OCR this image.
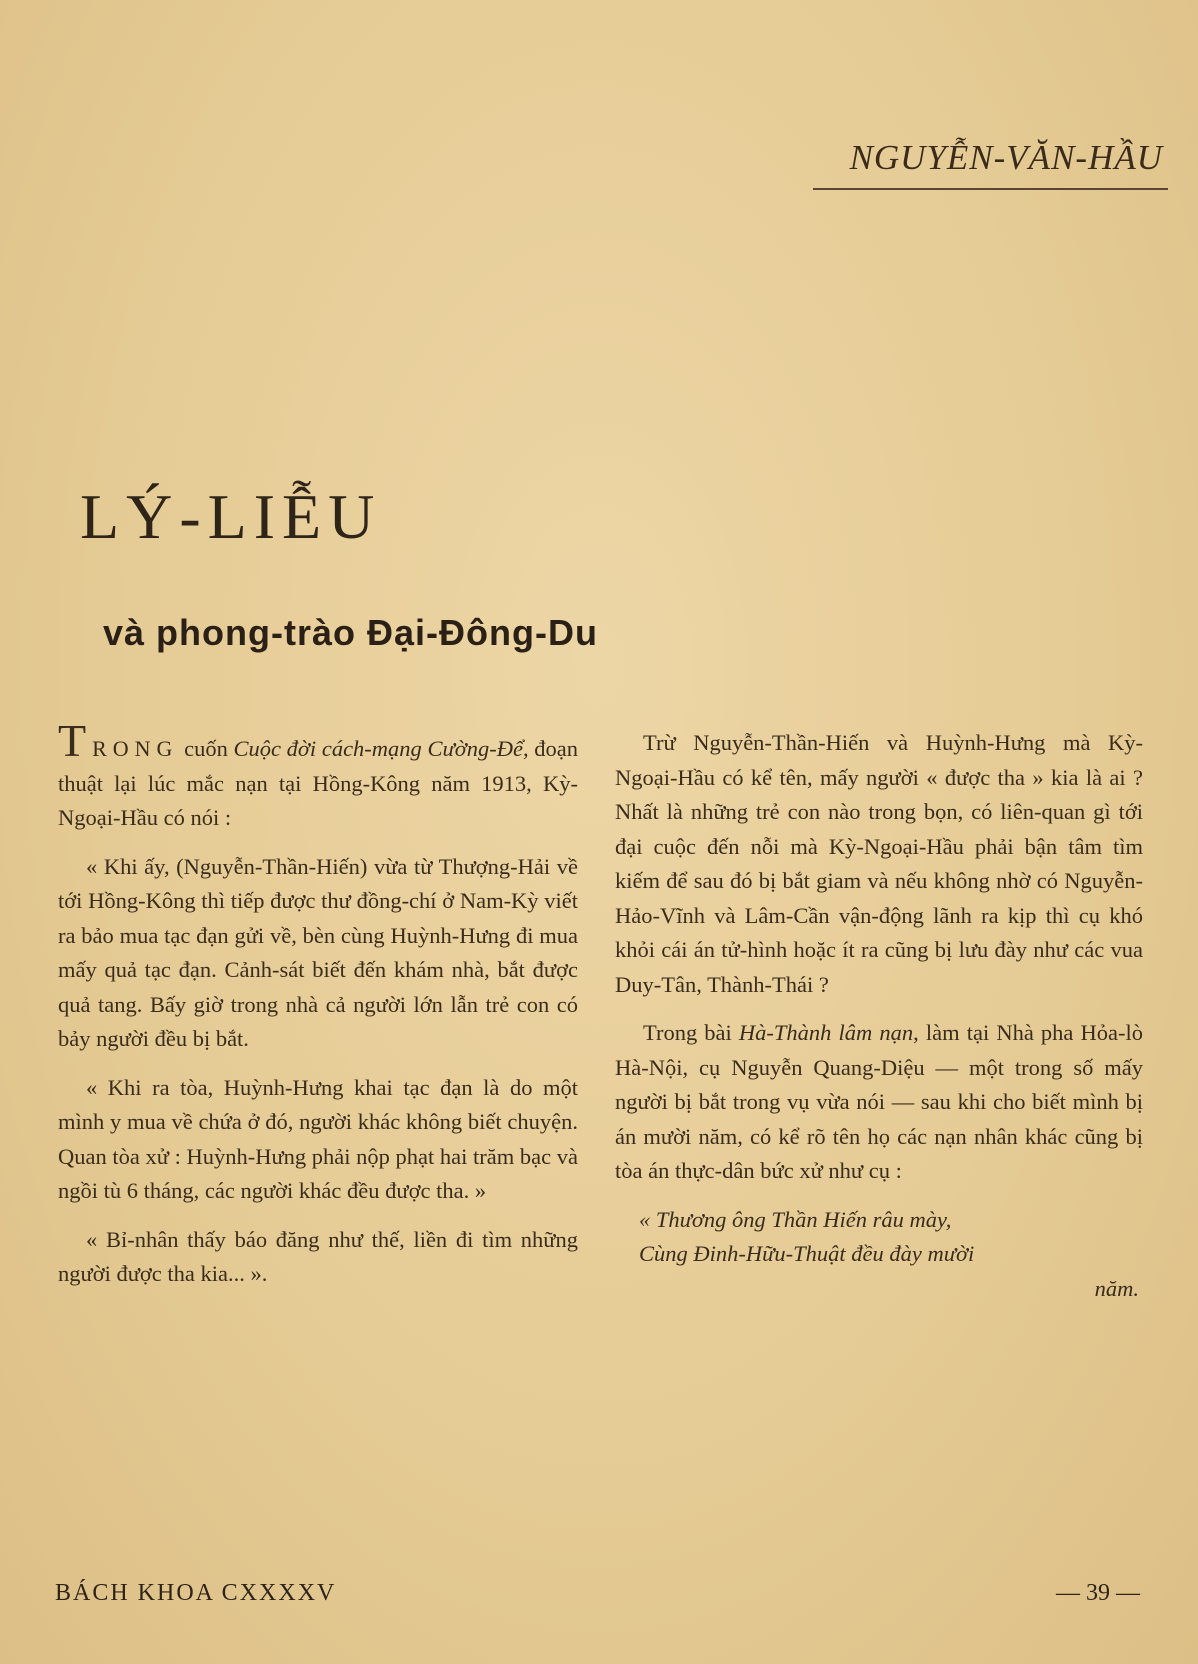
NGUYỄN-VĂN-HẦU
LÝ-LIỄU
và phong-trào Đại-Đông-Du

TRONG cuốn Cuộc đời cách-mạng Cường-Để, đoạn thuật lại lúc mắc nạn tại Hồng-Kông năm 1913, Kỳ-Ngoại-Hầu có nói :

« Khi ấy, (Nguyễn-Thần-Hiến) vừa từ Thượng-Hải về tới Hồng-Kông thì tiếp được thư đồng-chí ở Nam-Kỳ viết ra bảo mua tạc đạn gửi về, bèn cùng Huỳnh-Hưng đi mua mấy quả tạc đạn. Cảnh-sát biết đến khám nhà, bắt được quả tang. Bấy giờ trong nhà cả người lớn lẫn trẻ con có bảy người đều bị bắt.

« Khi ra tòa, Huỳnh-Hưng khai tạc đạn là do một mình y mua về chứa ở đó, người khác không biết chuyện. Quan tòa xử : Huỳnh-Hưng phải nộp phạt hai trăm bạc và ngồi tù 6 tháng, các người khác đều được tha. »

« Bỉ-nhân thấy báo đăng như thế, liền đi tìm những người được tha kia... ».

Trừ Nguyễn-Thần-Hiến và Huỳnh-Hưng mà Kỳ-Ngoại-Hầu có kể tên, mấy người « được tha » kia là ai ? Nhất là những trẻ con nào trong bọn, có liên-quan gì tới đại cuộc đến nỗi mà Kỳ-Ngoại-Hầu phải bận tâm tìm kiếm để sau đó bị bắt giam và nếu không nhờ có Nguyễn-Hảo-Vĩnh và Lâm-Cần vận-động lãnh ra kịp thì cụ khó khỏi cái án tử-hình hoặc ít ra cũng bị lưu đày như các vua Duy-Tân, Thành-Thái ?

Trong bài Hà-Thành lâm nạn, làm tại Nhà pha Hỏa-lò Hà-Nội, cụ Nguyễn Quang-Diệu — một trong số mấy người bị bắt trong vụ vừa nói — sau khi cho biết mình bị án mười năm, có kể rõ tên họ các nạn nhân khác cũng bị tòa án thực-dân bức xử như cụ :

« Thương ông Thần Hiến râu mày,
Cùng Đinh-Hữu-Thuật đều đày mười
năm.
BÁCH KHOA CXXXXV	— 39 —
